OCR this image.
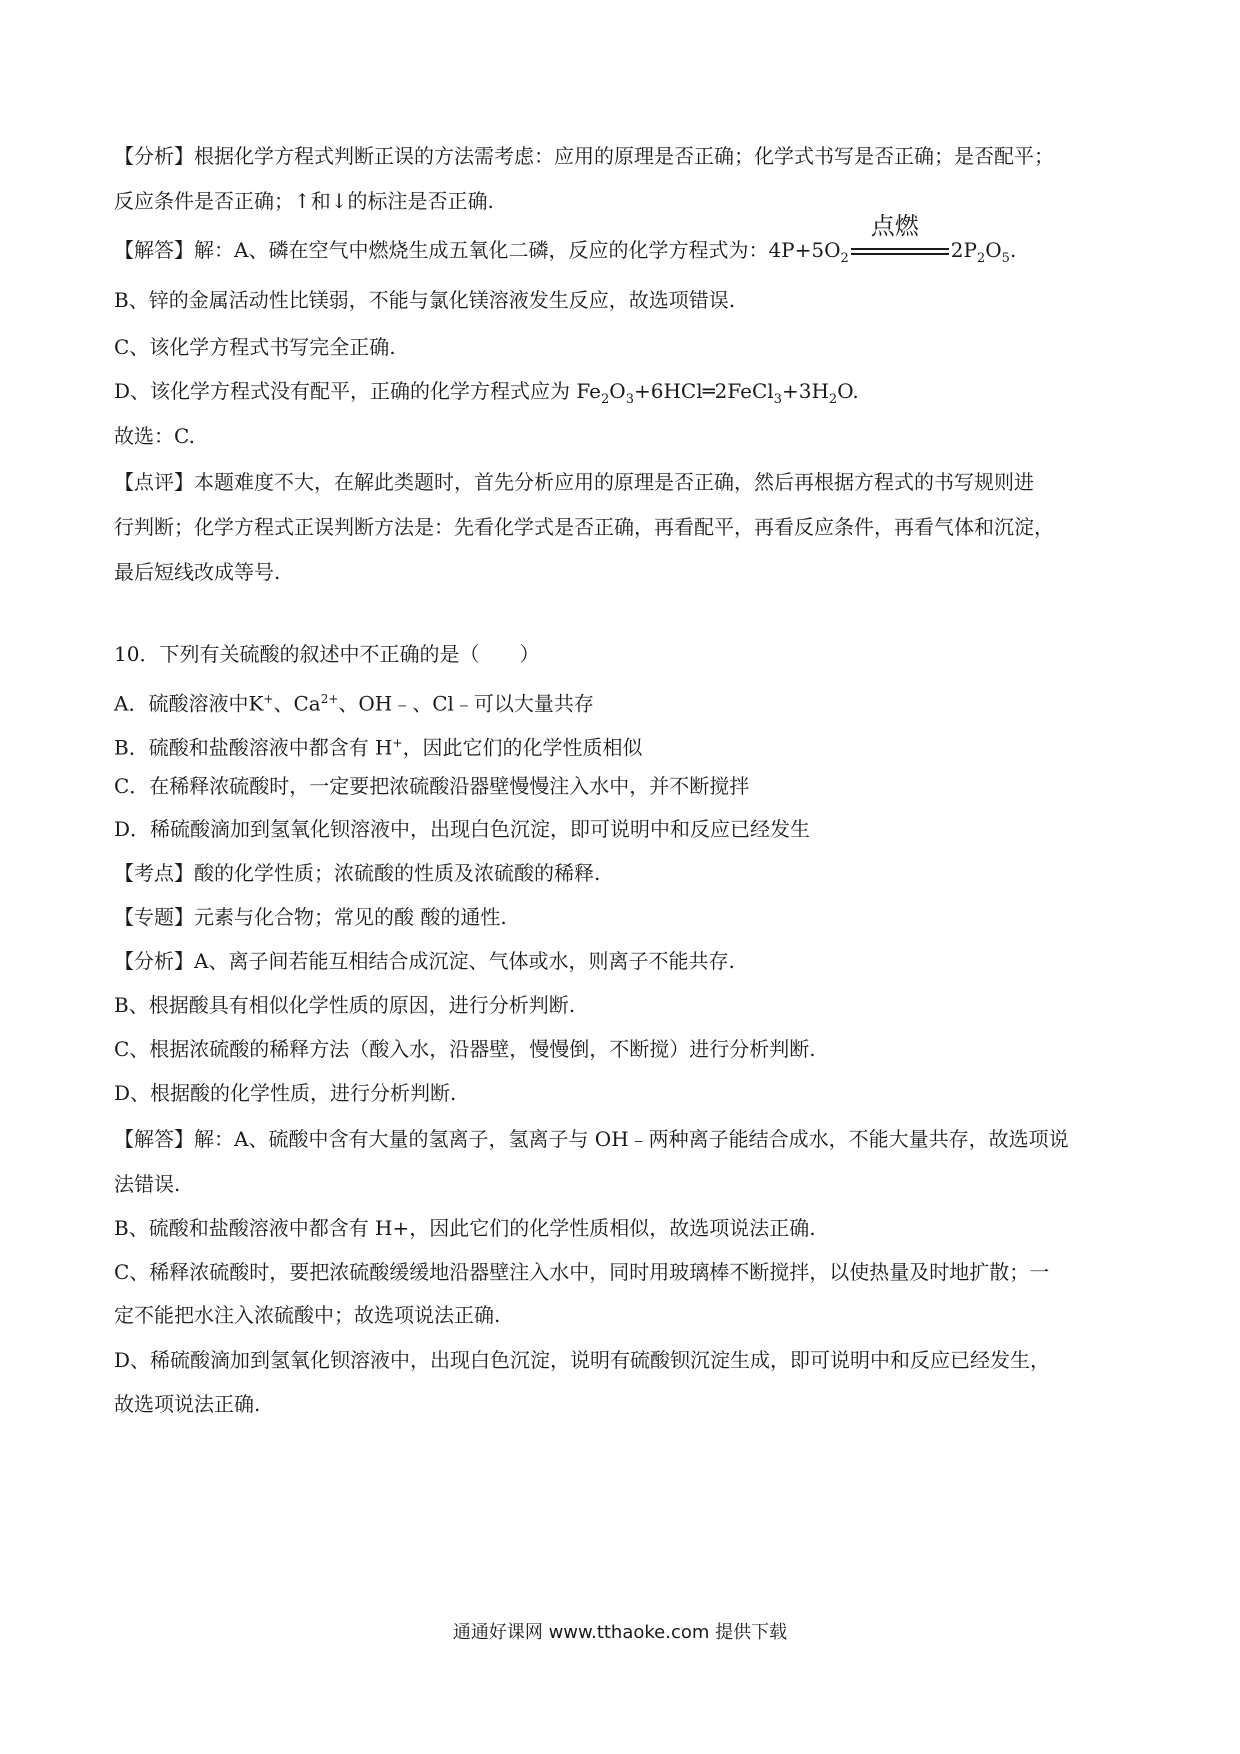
【分析】根据化学方程式判断正误的方法需考虑：应用的原理是否正确；化学式书写是否正确；是否配平；
反应条件是否正确；↑和↓的标注是否正确.
【解答】解：A、磷在空气中燃烧生成五氧化二磷，反应的化学方程式为：$4P+5O_2$
点燃
$2P_2O_5$.
B、锌的金属活动性比镁弱，不能与氯化镁溶液发生反应，故选项错误.
C、该化学方程式书写完全正确.
D、该化学方程式没有配平，正确的化学方程式应为 $Fe_2O_3+6HCl═2FeCl_3+3H_2O$.
故选：C.
【点评】本题难度不大，在解此类题时，首先分析应用的原理是否正确，然后再根据方程式的书写规则进
行判断；化学方程式正误判断方法是：先看化学式是否正确，再看配平，再看反应条件，再看气体和沉淀，
最后短线改成等号.
10．下列有关硫酸的叙述中不正确的是（　　）
A．硫酸溶液中K+、$Ca^{2+}$、OH﹣、Cl﹣可以大量共存
B．硫酸和盐酸溶液中都含有 H+，因此它们的化学性质相似
C．在稀释浓硫酸时，一定要把浓硫酸沿器壁慢慢注入水中，并不断搅拌
D．稀硫酸滴加到氢氧化钡溶液中，出现白色沉淀，即可说明中和反应已经发生
【考点】酸的化学性质；浓硫酸的性质及浓硫酸的稀释.
【专题】元素与化合物；常见的酸 酸的通性.
【分析】A、离子间若能互相结合成沉淀、气体或水，则离子不能共存.
B、根据酸具有相似化学性质的原因，进行分析判断.
C、根据浓硫酸的稀释方法（酸入水，沿器壁，慢慢倒，不断搅）进行分析判断.
D、根据酸的化学性质，进行分析判断.
【解答】解：A、硫酸中含有大量的氢离子，氢离子与 OH﹣两种离子能结合成水，不能大量共存，故选项说
法错误.
B、硫酸和盐酸溶液中都含有 H+，因此它们的化学性质相似，故选项说法正确.
C、稀释浓硫酸时，要把浓硫酸缓缓地沿器壁注入水中，同时用玻璃棒不断搅拌，以使热量及时地扩散；一
定不能把水注入浓硫酸中；故选项说法正确.
D、稀硫酸滴加到氢氧化钡溶液中，出现白色沉淀，说明有硫酸钡沉淀生成，即可说明中和反应已经发生，
故选项说法正确.
通通好课网 www.tthaoke.com 提供下载
